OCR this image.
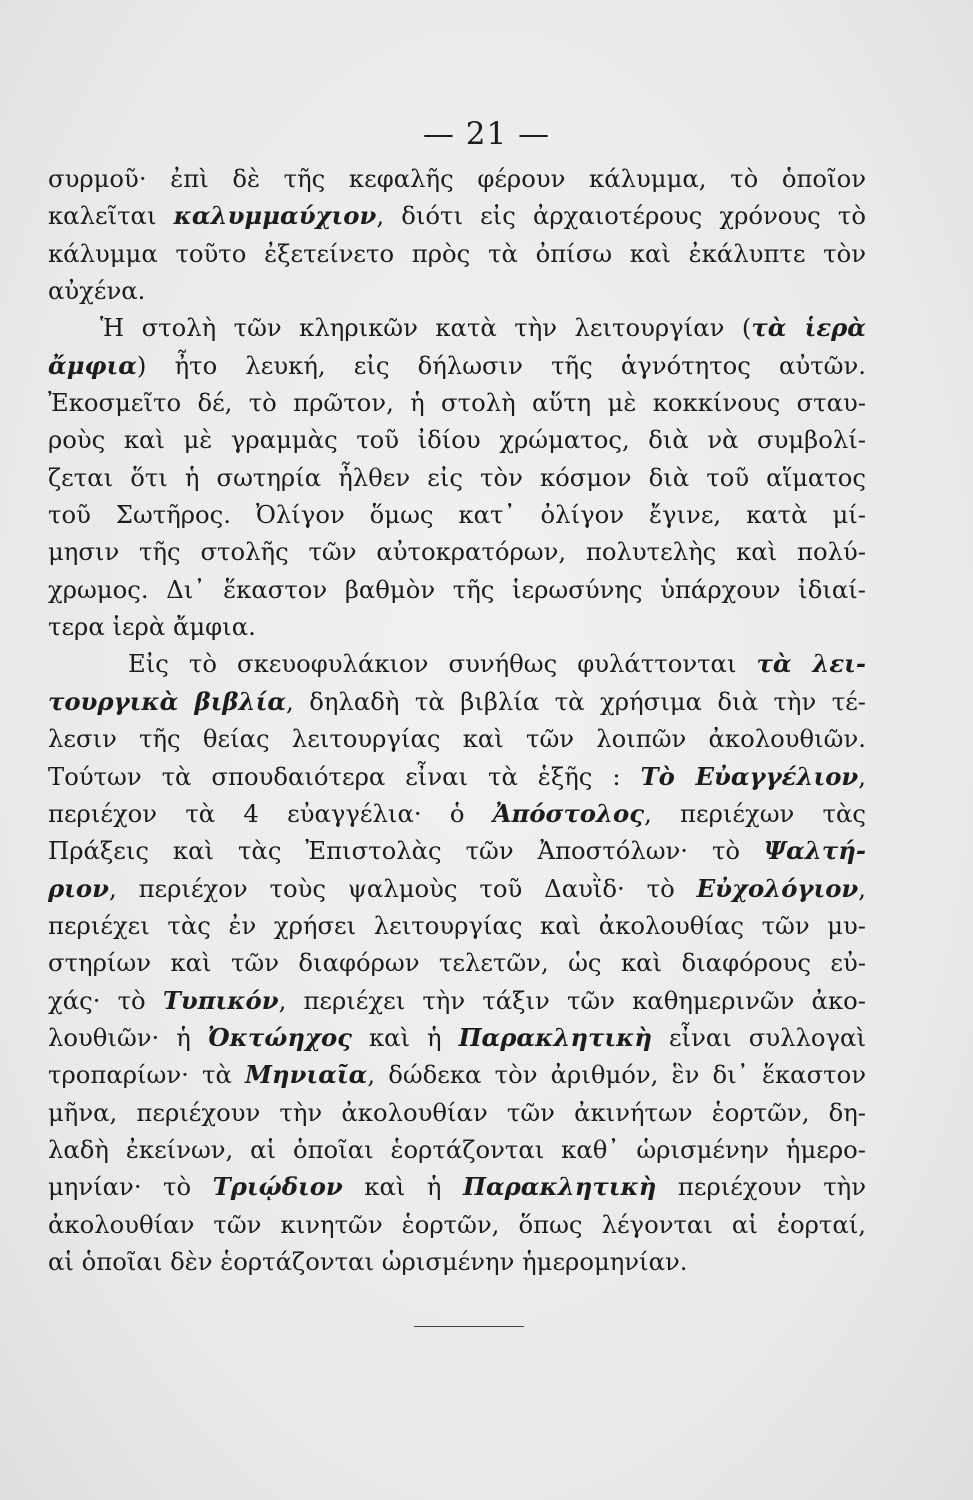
— 21 —
συρμοῦ· ἐπὶ δὲ τῆς κεφαλῆς φέρουν κάλυμμα, τὸ ὁποῖον
καλεῖται καλυμμαύχιον, διότι εἰς ἀρχαιοτέρους χρόνους τὸ
κάλυμμα τοῦτο ἐξετείνετο πρὸς τὰ ὀπίσω καὶ ἐκάλυπτε τὸν
αὐχένα.
Ἡ στολὴ τῶν κληρικῶν κατὰ τὴν λειτουργίαν (τὰ ἱερὰ
ἄμφια) ἦτο λευκή, εἰς δήλωσιν τῆς ἁγνότητος αὐτῶν.
Ἐκοσμεῖτο δέ, τὸ πρῶτον, ἡ στολὴ αὕτη μὲ κοκκίνους σταυ-
ροὺς καὶ μὲ γραμμὰς τοῦ ἰδίου χρώματος, διὰ νὰ συμβολί-
ζεται ὅτι ἡ σωτηρία ἦλθεν εἰς τὸν κόσμον διὰ τοῦ αἵματος
τοῦ Σωτῆρος. Ὀλίγον ὅμως κατ᾿ ὀλίγον ἔγινε, κατὰ μί-
μησιν τῆς στολῆς τῶν αὐτοκρατόρων, πολυτελὴς καὶ πολύ-
χρωμος. Δι᾿ ἕκαστον βαθμὸν τῆς ἱερωσύνης ὑπάρχουν ἰδιαί-
τερα ἱερὰ ἄμφια.
Εἰς τὸ σκευοφυλάκιον συνήθως φυλάττονται τὰ λει-
τουργικὰ βιβλία, δηλαδὴ τὰ βιβλία τὰ χρήσιμα διὰ τὴν τέ-
λεσιν τῆς θείας λειτουργίας καὶ τῶν λοιπῶν ἀκολουθιῶν.
Τούτων τὰ σπουδαιότερα εἶναι τὰ ἑξῆς : Τὸ Εὐαγγέλιον,
περιέχον τὰ 4 εὐαγγέλια· ὁ Ἀπόστολος, περιέχων τὰς
Πράξεις καὶ τὰς Ἐπιστολὰς τῶν Ἀποστόλων· τὸ Ψαλτή-
ριον, περιέχον τοὺς ψαλμοὺς τοῦ Δαυῒδ· τὸ Εὐχολόγιον,
περιέχει τὰς ἐν χρήσει λειτουργίας καὶ ἀκολουθίας τῶν μυ-
στηρίων καὶ τῶν διαφόρων τελετῶν, ὡς καὶ διαφόρους εὐ-
χάς· τὸ Τυπικόν, περιέχει τὴν τάξιν τῶν καθημερινῶν ἀκο-
λουθιῶν· ἡ Ὀκτώηχος καὶ ἡ Παρακλητικὴ εἶναι συλλογαὶ
τροπαρίων· τὰ Μηνιαῖα, δώδεκα τὸν ἀριθμόν, ἓν δι᾿ ἕκαστον
μῆνα, περιέχουν τὴν ἀκολουθίαν τῶν ἀκινήτων ἑορτῶν, δη-
λαδὴ ἐκείνων, αἱ ὁποῖαι ἑορτάζονται καθ᾿ ὡρισμένην ἡμερο-
μηνίαν· τὸ Τριῴδιον καὶ ἡ Παρακλητικὴ περιέχουν τὴν
ἀκολουθίαν τῶν κινητῶν ἑορτῶν, ὅπως λέγονται αἱ ἑορταί,
αἱ ὁποῖαι δὲν ἑορτάζονται ὡρισμένην ἡμερομηνίαν.
